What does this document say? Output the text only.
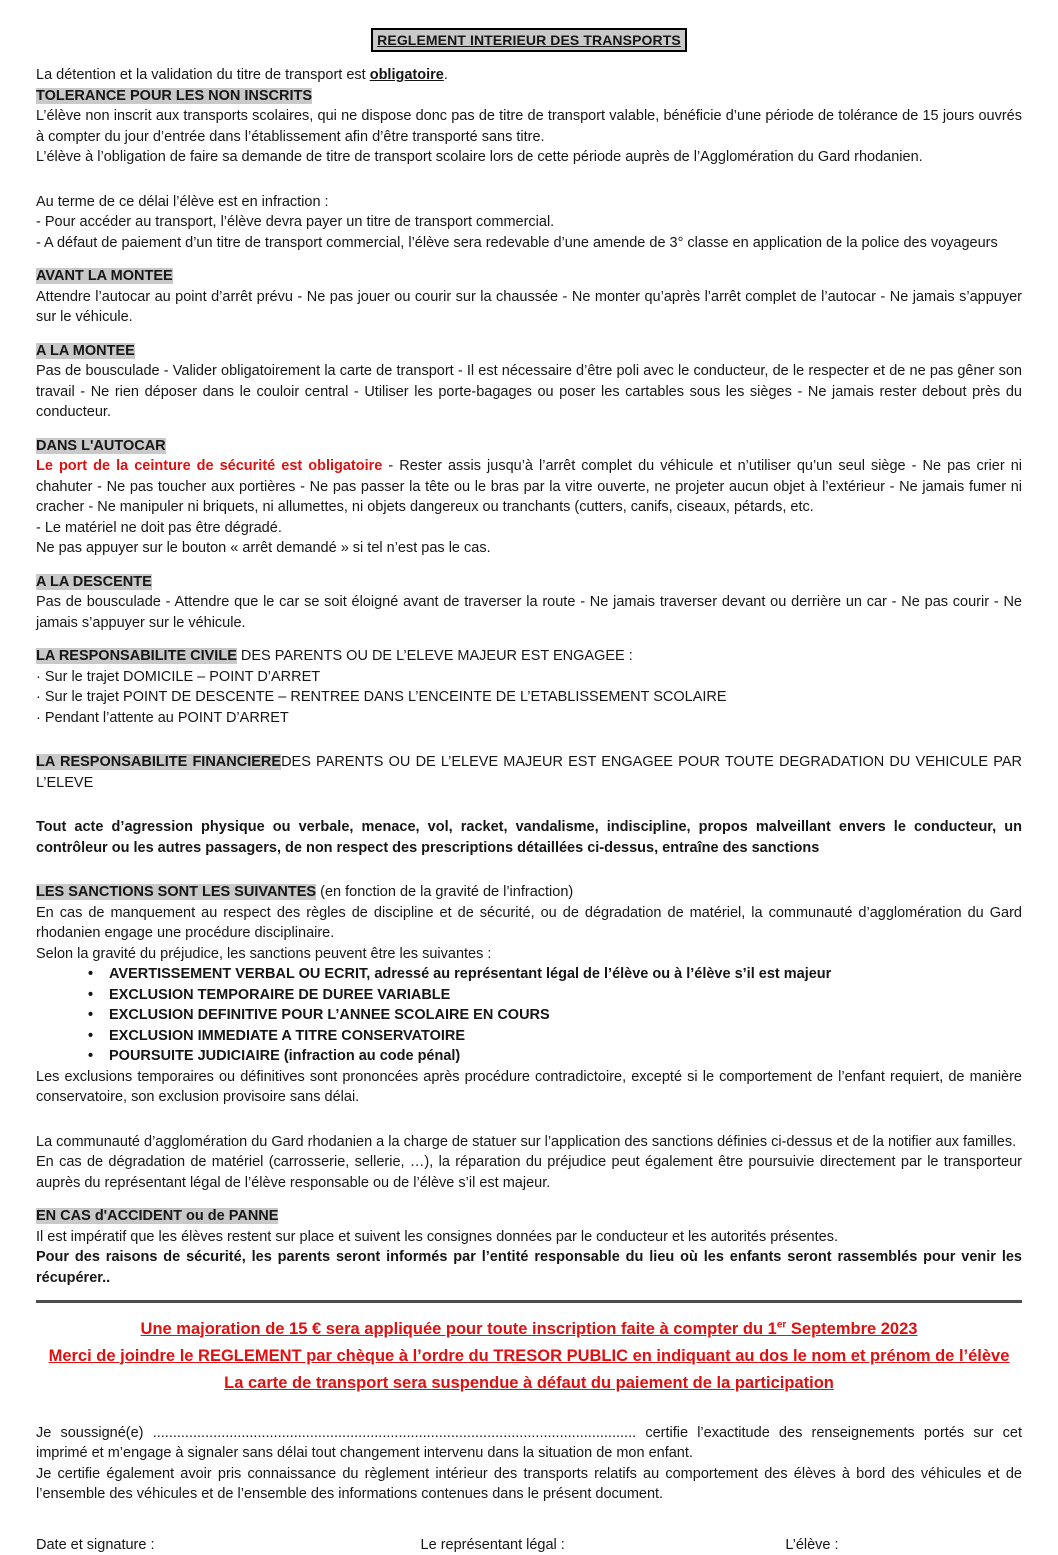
REGLEMENT INTERIEUR DES TRANSPORTS

La détention et la validation du titre de transport est obligatoire.

TOLERANCE POUR LES NON INSCRITS

L’élève non inscrit aux transports scolaires, qui ne dispose donc pas de titre de transport valable, bénéficie d’une période de tolérance de 15 jours ouvrés à compter du jour d’entrée dans l’établissement afin d’être transporté sans titre.

L’élève à l’obligation de faire sa demande de titre de transport scolaire lors de cette période auprès de l’Agglomération du Gard rhodanien.

Au terme de ce délai l’élève est en infraction :

- Pour accéder au transport, l’élève devra payer un titre de transport commercial.

- A défaut de paiement d’un titre de transport commercial, l’élève sera redevable d’une amende de 3° classe en application de la police des voyageurs

AVANT LA MONTEE

Attendre l’autocar au point d’arrêt prévu - Ne pas jouer ou courir sur la chaussée - Ne monter qu’après l’arrêt complet de l’autocar - Ne jamais s’appuyer sur le véhicule.

A LA MONTEE

Pas de bousculade - Valider obligatoirement la carte de transport - Il est nécessaire d’être poli avec le conducteur, de le respecter et de ne pas gêner son travail - Ne rien déposer dans le couloir central - Utiliser les porte-bagages ou poser les cartables sous les sièges - Ne jamais rester debout près du conducteur.

DANS L'AUTOCAR

Le port de la ceinture de sécurité est obligatoire - Rester assis jusqu’à l’arrêt complet du véhicule et n’utiliser qu’un seul siège - Ne pas crier ni chahuter - Ne pas toucher aux portières - Ne pas passer la tête ou le bras par la vitre ouverte, ne projeter aucun objet à l’extérieur - Ne jamais fumer ni cracher - Ne manipuler ni briquets, ni allumettes, ni objets dangereux ou tranchants (cutters, canifs, ciseaux, pétards, etc.

- Le matériel ne doit pas être dégradé.

Ne pas appuyer sur le bouton « arrêt demandé » si tel n’est pas le cas.

A LA DESCENTE

Pas de bousculade - Attendre que le car se soit éloigné avant de traverser la route - Ne jamais traverser devant ou derrière un car - Ne pas courir - Ne jamais s’appuyer sur le véhicule.

LA RESPONSABILITE CIVILE DES PARENTS OU DE L’ELEVE MAJEUR EST ENGAGEE :

· Sur le trajet DOMICILE – POINT D’ARRET

· Sur le trajet POINT DE DESCENTE – RENTREE DANS L’ENCEINTE DE L’ETABLISSEMENT SCOLAIRE

· Pendant l’attente au POINT D’ARRET

LA RESPONSABILITE FINANCIEREDES PARENTS OU DE L’ELEVE MAJEUR EST ENGAGEE POUR TOUTE DEGRADATION DU VEHICULE PAR L’ELEVE

Tout acte d’agression physique ou verbale, menace, vol, racket, vandalisme, indiscipline, propos malveillant envers le conducteur, un contrôleur ou les autres passagers, de non respect des prescriptions détaillées ci-dessus, entraîne des sanctions

LES SANCTIONS SONT LES SUIVANTES (en fonction de la gravité de l’infraction)

En cas de manquement au respect des règles de discipline et de sécurité, ou de dégradation de matériel, la communauté d’agglomération du Gard rhodanien engage une procédure disciplinaire.

Selon la gravité du préjudice, les sanctions peuvent être les suivantes :

•
AVERTISSEMENT VERBAL OU ECRIT, adressé au représentant légal de l’élève ou à l’élève s’il est majeur
•
EXCLUSION TEMPORAIRE DE DUREE VARIABLE
•
EXCLUSION DEFINITIVE POUR L’ANNEE SCOLAIRE EN COURS
•
EXCLUSION IMMEDIATE A TITRE CONSERVATOIRE
•
POURSUITE JUDICIAIRE (infraction au code pénal)

Les exclusions temporaires ou définitives sont prononcées après procédure contradictoire, excepté si le comportement de l’enfant requiert, de manière conservatoire, son exclusion provisoire sans délai.

La communauté d’agglomération du Gard rhodanien a la charge de statuer sur l’application des sanctions définies ci-dessus et de la notifier aux familles.

En cas de dégradation de matériel (carrosserie, sellerie, …), la réparation du préjudice peut également être poursuivie directement par le transporteur auprès du représentant légal de l’élève responsable ou de l’élève s’il est majeur.

EN CAS d'ACCIDENT ou de PANNE

Il est impératif que les élèves restent sur place et suivent les consignes données par le conducteur et les autorités présentes.

Pour des raisons de sécurité, les parents seront informés par l’entité responsable du lieu où les enfants seront rassemblés pour venir les récupérer..

Une majoration de 15 € sera appliquée pour toute inscription faite à compter du 1er Septembre 2023
Merci de joindre le REGLEMENT par chèque à l’ordre du TRESOR PUBLIC en indiquant au dos le nom et prénom de l’élève
La carte de transport sera suspendue à défaut du paiement de la participation

Je soussigné(e) ........................................................................................................................ certifie l’exactitude des renseignements portés sur cet imprimé et m’engage à signaler sans délai tout changement intervenu dans la situation de mon enfant.

Je certifie également avoir pris connaissance du règlement intérieur des transports relatifs au comportement des élèves à bord des véhicules et de l’ensemble des véhicules et de l’ensemble des informations contenues dans le présent document.

Date et signature :	Le représentant légal :	L’élève :
